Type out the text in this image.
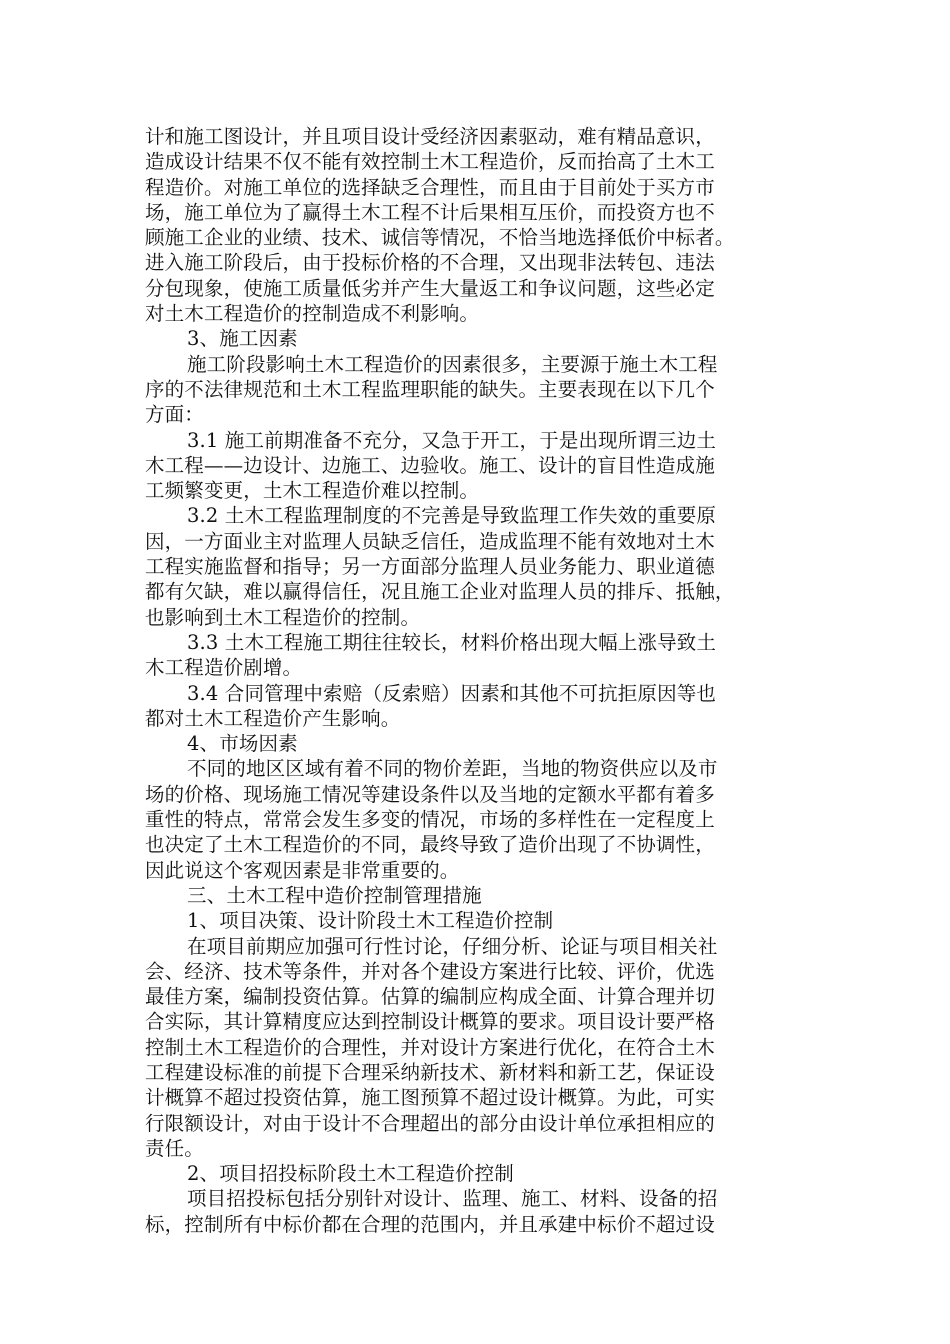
计和施工图设计，并且项目设计受经济因素驱动，难有精品意识，
造成设计结果不仅不能有效控制土木工程造价，反而抬高了土木工
程造价。对施工单位的选择缺乏合理性，而且由于目前处于买方市
场，施工单位为了赢得土木工程不计后果相互压价，而投资方也不
顾施工企业的业绩、技术、诚信等情况，不恰当地选择低价中标者。
进入施工阶段后，由于投标价格的不合理，又出现非法转包、违法
分包现象，使施工质量低劣并产生大量返工和争议问题，这些必定
对土木工程造价的控制造成不利影响。
3、施工因素
施工阶段影响土木工程造价的因素很多，主要源于施土木工程
序的不法律规范和土木工程监理职能的缺失。主要表现在以下几个
方面：
3.1 施工前期准备不充分，又急于开工，于是出现所谓三边土
木工程——边设计、边施工、边验收。施工、设计的盲目性造成施
工频繁变更，土木工程造价难以控制。
3.2 土木工程监理制度的不完善是导致监理工作失效的重要原
因，一方面业主对监理人员缺乏信任，造成监理不能有效地对土木
工程实施监督和指导；另一方面部分监理人员业务能力、职业道德
都有欠缺，难以赢得信任，况且施工企业对监理人员的排斥、抵触，
也影响到土木工程造价的控制。
3.3 土木工程施工期往往较长，材料价格出现大幅上涨导致土
木工程造价剧增。
3.4 合同管理中索赔（反索赔）因素和其他不可抗拒原因等也
都对土木工程造价产生影响。
4、市场因素
不同的地区区域有着不同的物价差距，当地的物资供应以及市
场的价格、现场施工情况等建设条件以及当地的定额水平都有着多
重性的特点，常常会发生多变的情况，市场的多样性在一定程度上
也决定了土木工程造价的不同，最终导致了造价出现了不协调性，
因此说这个客观因素是非常重要的。
三、土木工程中造价控制管理措施
1、项目决策、设计阶段土木工程造价控制
在项目前期应加强可行性讨论，仔细分析、论证与项目相关社
会、经济、技术等条件，并对各个建设方案进行比较、评价，优选
最佳方案，编制投资估算。估算的编制应构成全面、计算合理并切
合实际，其计算精度应达到控制设计概算的要求。项目设计要严格
控制土木工程造价的合理性，并对设计方案进行优化，在符合土木
工程建设标准的前提下合理采纳新技术、新材料和新工艺，保证设
计概算不超过投资估算，施工图预算不超过设计概算。为此，可实
行限额设计，对由于设计不合理超出的部分由设计单位承担相应的
责任。
2、项目招投标阶段土木工程造价控制
项目招投标包括分别针对设计、监理、施工、材料、设备的招
标，控制所有中标价都在合理的范围内，并且承建中标价不超过设
